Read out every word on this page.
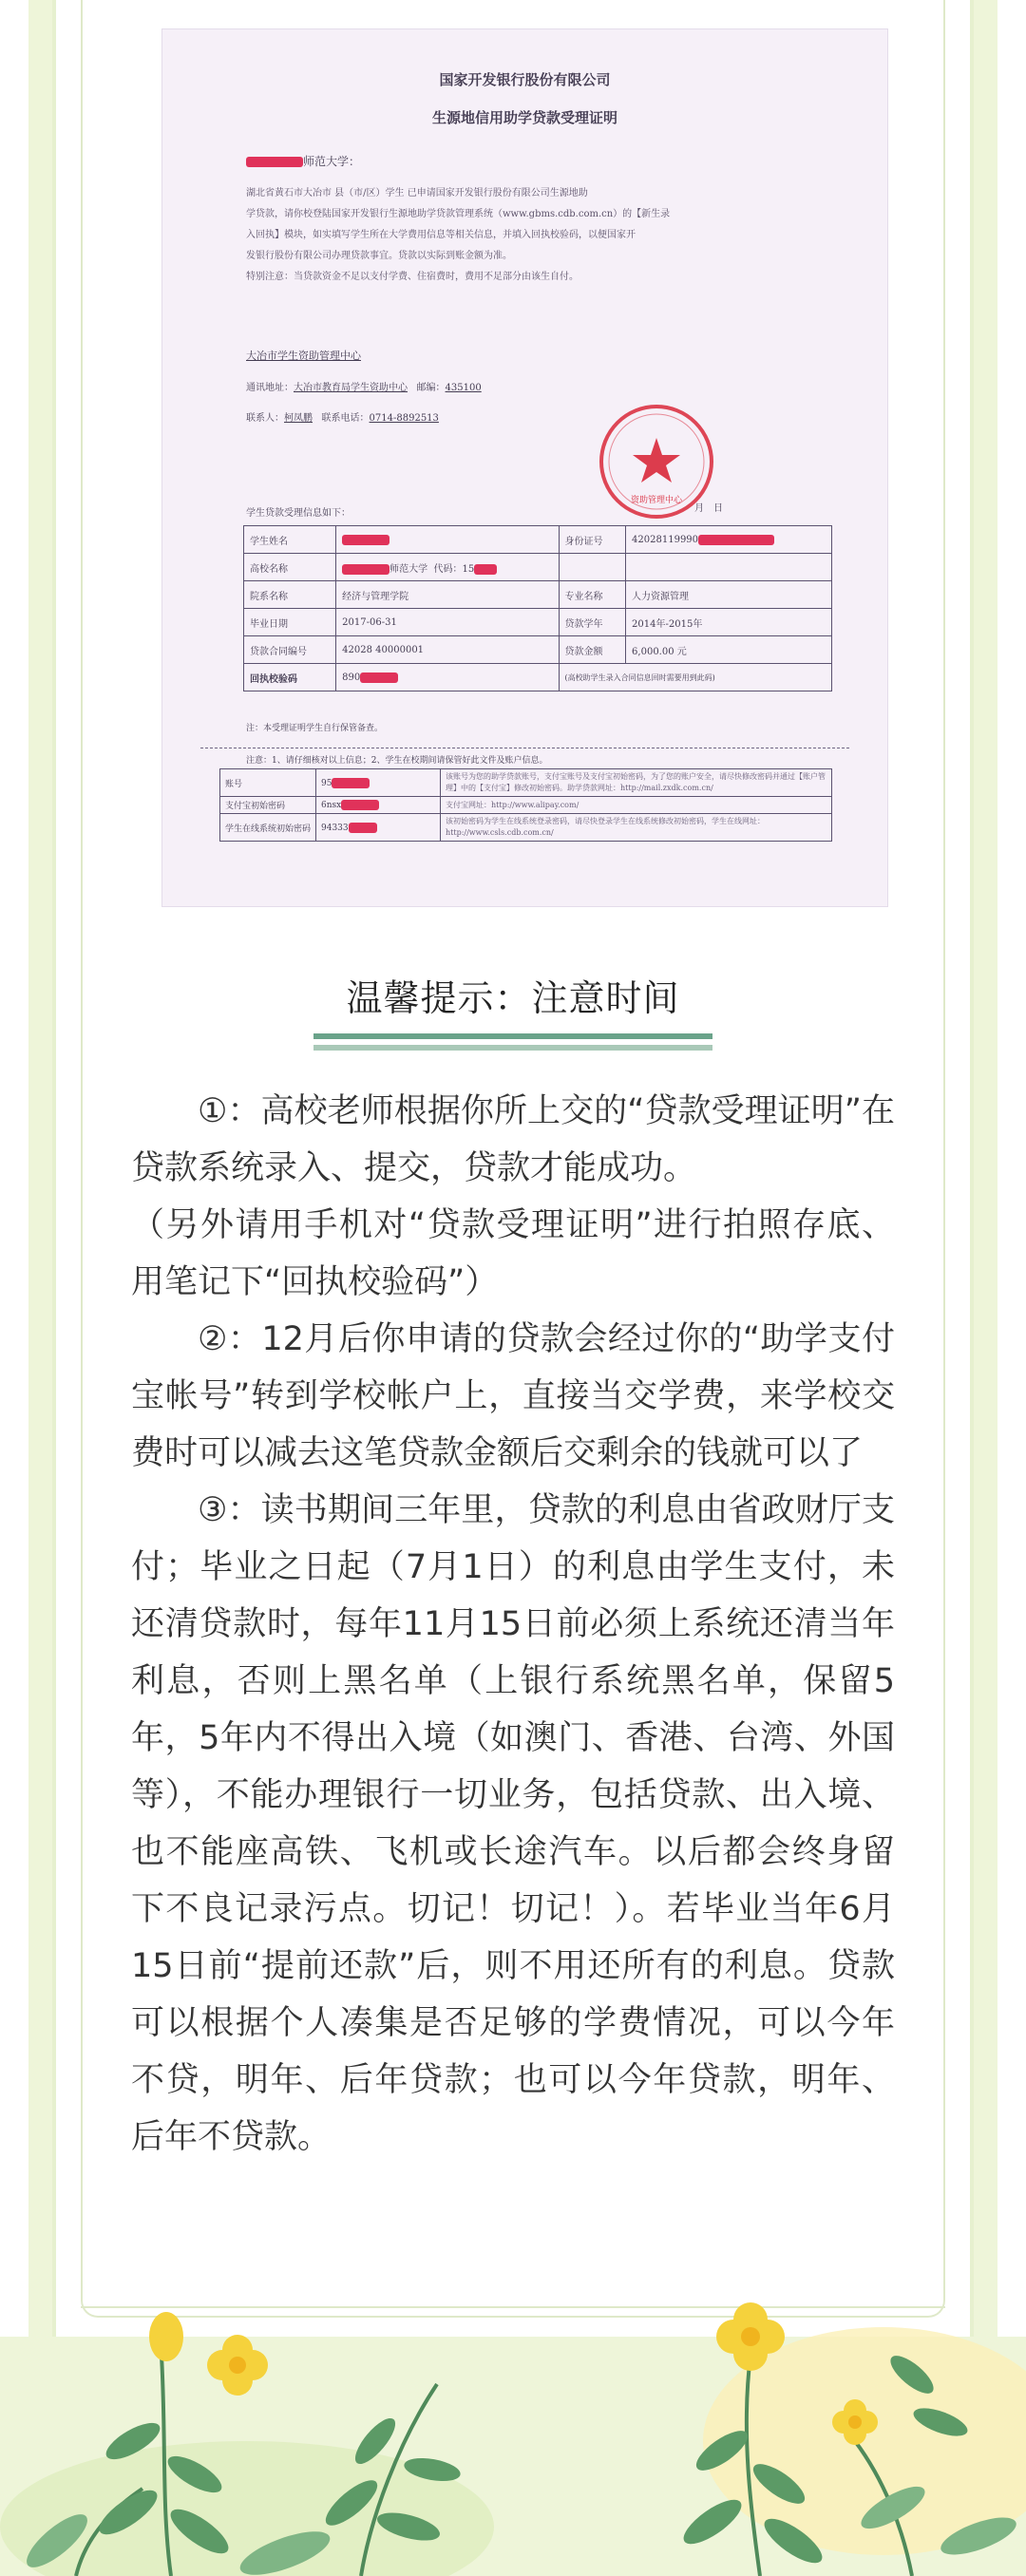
国家开发银行股份有限公司
生源地信用助学贷款受理证明
师范大学：
湖北省黄石市大冶市 县（市/区）学生 已申请国家开发银行股份有限公司生源地助
学贷款，请你校登陆国家开发银行生源地助学贷款管理系统（www.gbms.cdb.com.cn）的【新生录
入回执】模块，如实填写学生所在大学费用信息等相关信息，并填入回执校验码，以便国家开
发银行股份有限公司办理贷款事宜。贷款以实际到账金额为准。
特别注意：当贷款资金不足以支付学费、住宿费时，费用不足部分由该生自付。
大冶市学生资助管理中心
通讯地址：大冶市教育局学生资助中心 邮编：435100
联系人：柯凤鹏 联系电话：0714-8892513
资助管理中心
月　日
学生贷款受理信息如下：
学生姓名		身份证号	42028119990
高校名称	师范大学 代码：15		
院系名称	经济与管理学院	专业名称	人力资源管理
毕业日期	2017-06-31	贷款学年	2014年-2015年
贷款合同编号	42028 40000001	贷款金额	6,000.00 元
回执校验码	890	(高校助学生录入合同信息回时需要用到此码)	
注：本受理证明学生自行保管备查。
注意：1、请仔细核对以上信息；2、学生在校期间请保管好此文件及账户信息。
账号	95	该账号为您的助学贷款账号，支付宝账号及支付宝初始密码，为了您的账户安全，请尽快修改密码并通过【账户管理】中的【支付宝】修改初始密码。助学贷款网址：http://mail.zxdk.com.cn/
支付宝初始密码	6nsx	支付宝网址：http://www.alipay.com/
学生在线系统初始密码	94333	该初始密码为学生在线系统登录密码，请尽快登录学生在线系统修改初始密码，学生在线网址：http://www.csls.cdb.com.cn/
温馨提示：注意时间

①：高校老师根据你所上交的“贷款受理证明”在贷款系统录入、提交，贷款才能成功。

（另外请用手机对“贷款受理证明”进行拍照存底、用笔记下“回执校验码”）

②：12月后你申请的贷款会经过你的“助学支付宝帐号”转到学校帐户上，直接当交学费，来学校交费时可以减去这笔贷款金额后交剩余的钱就可以了

③：读书期间三年里，贷款的利息由省政财厅支付；毕业之日起（7月1日）的利息由学生支付，未还清贷款时，每年11月15日前必须上系统还清当年利息，否则上黑名单（上银行系统黑名单，保留5年，5年内不得出入境（如澳门、香港、台湾、外国等），不能办理银行一切业务，包括贷款、出入境、也不能座高铁、飞机或长途汽车。以后都会终身留下不良记录污点。切记！切记！）。若毕业当年6月15日前“提前还款”后，则不用还所有的利息。贷款可以根据个人凑集是否足够的学费情况，可以今年不贷，明年、后年贷款；也可以今年贷款，明年、后年不贷款。
